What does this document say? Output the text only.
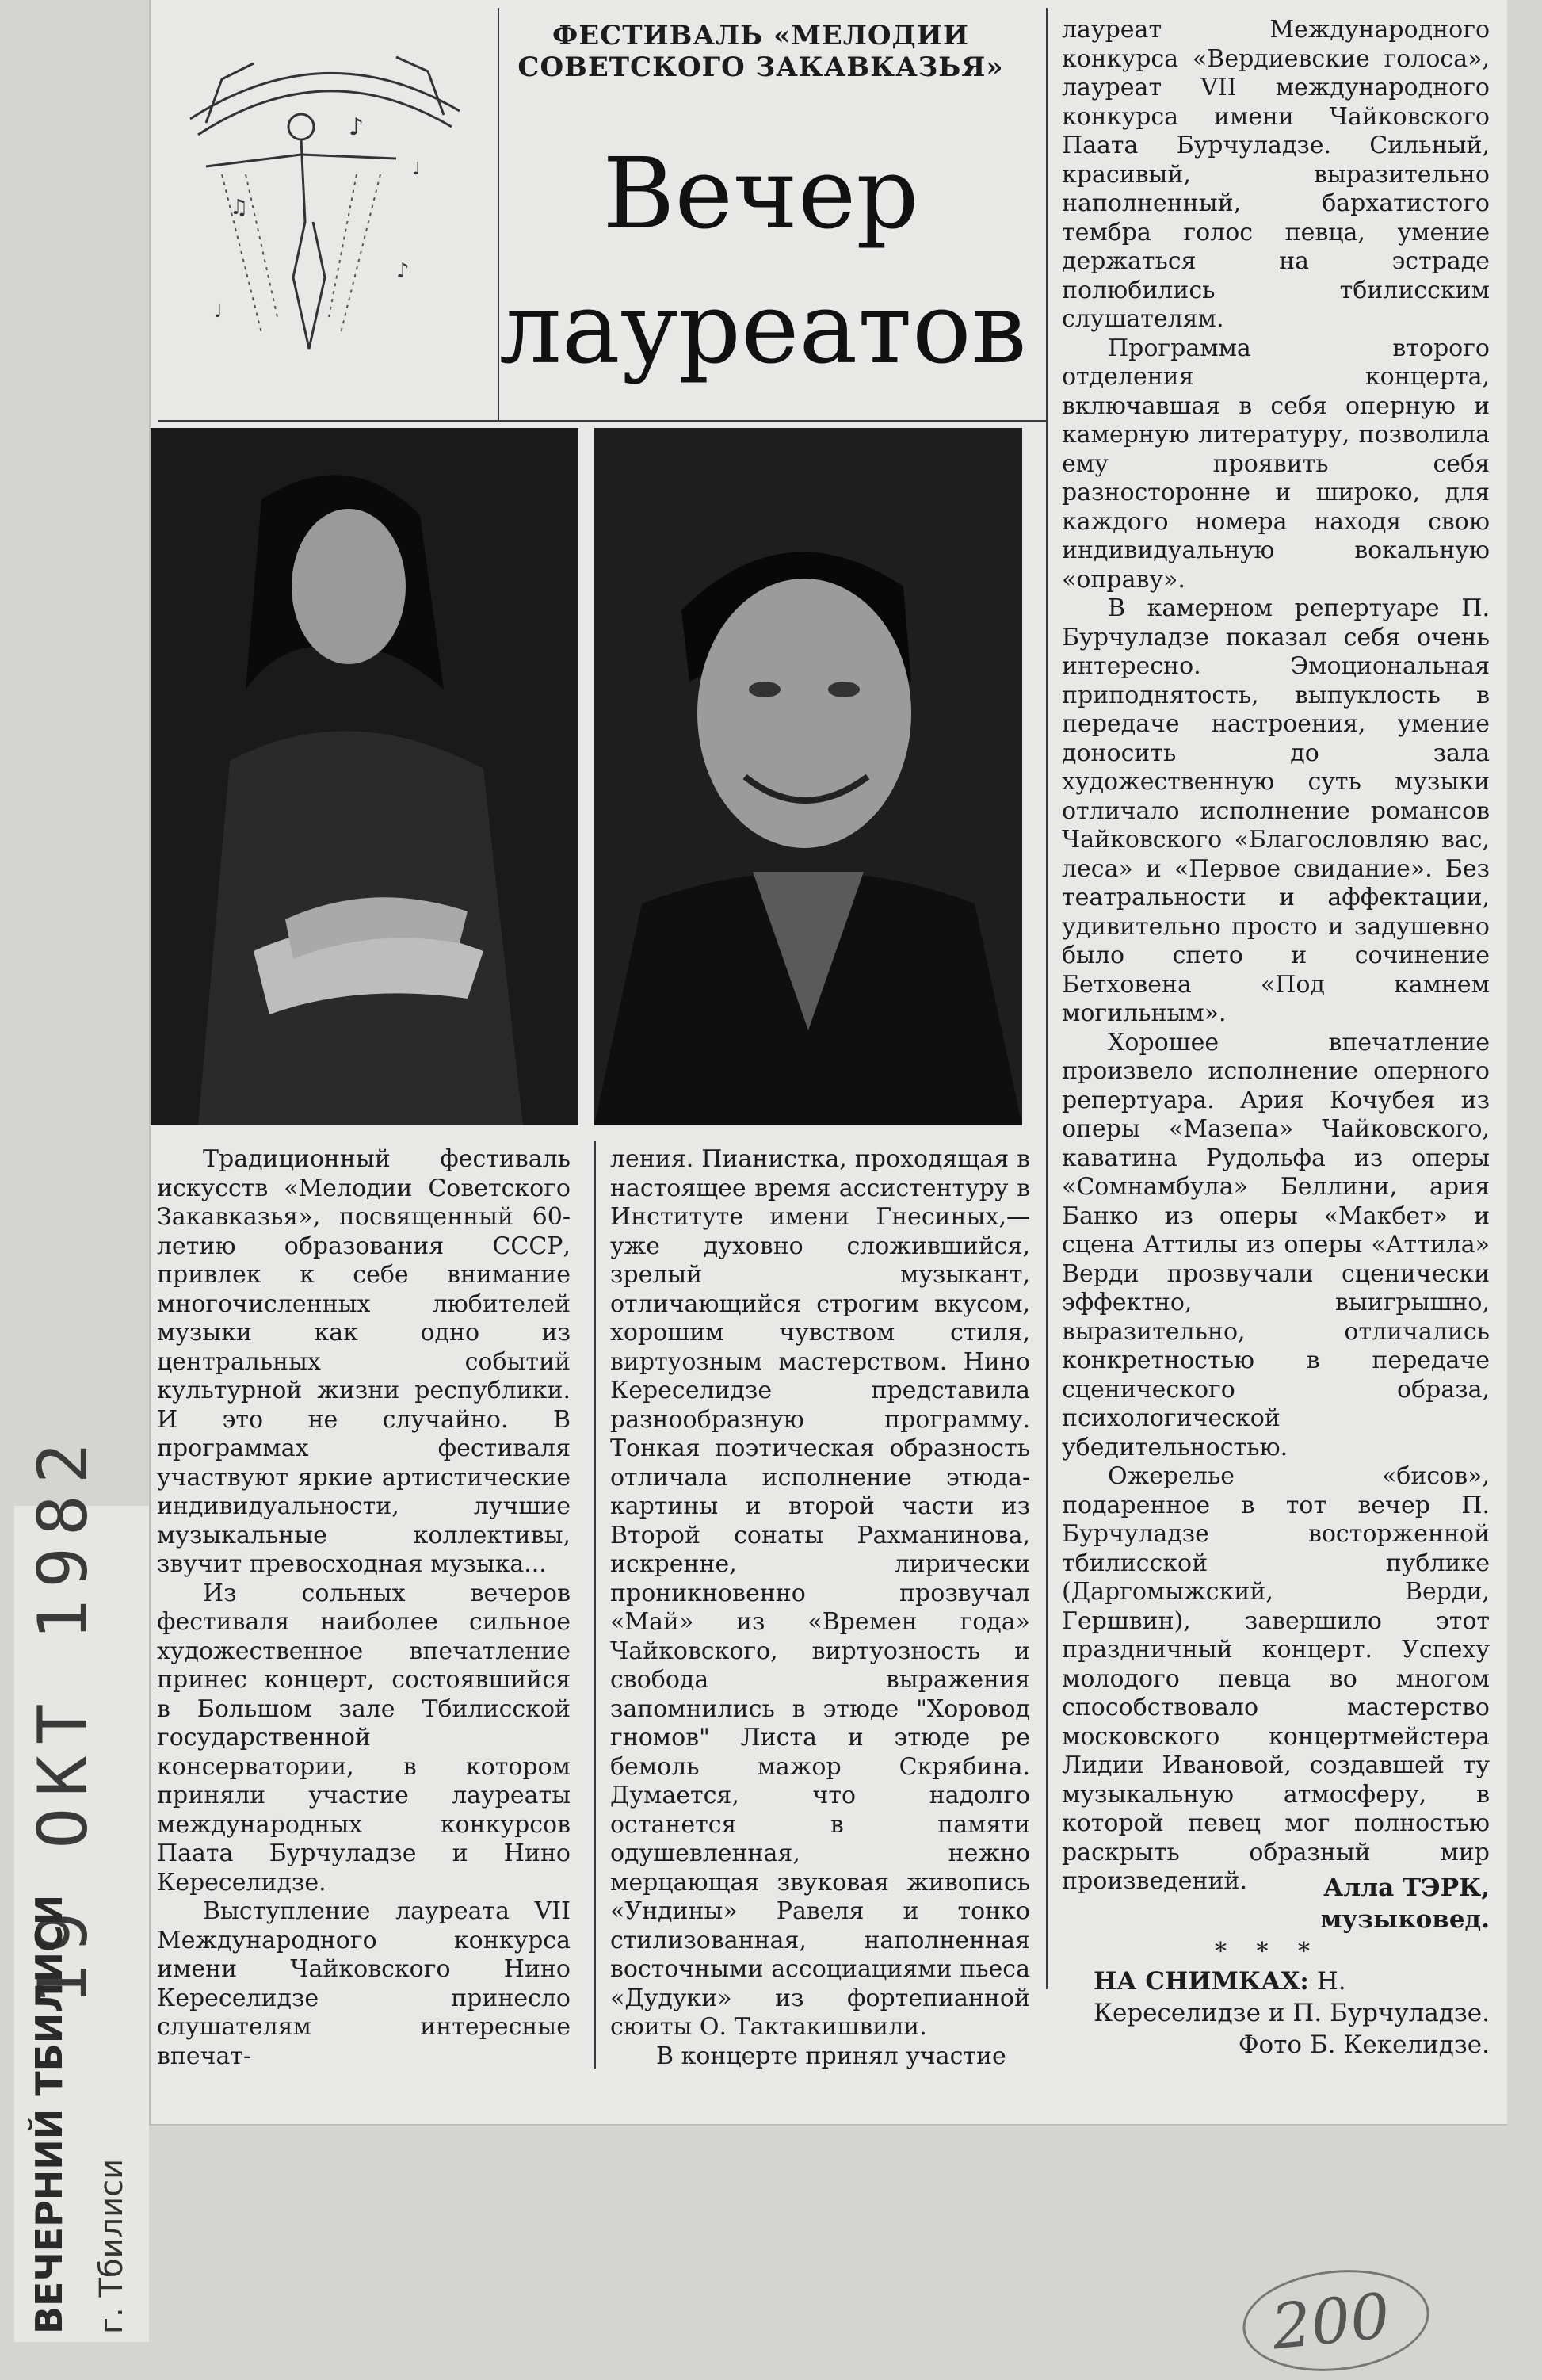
19 ОКТ 1982
ВЕЧЕРНИЙ ТБИЛИСИ г. Тбилиси
♪
♫
♪
♩
♩
ФЕСТИВАЛЬ «МЕЛОДИИ
СОВЕТСКОГО ЗАКАВКАЗЬЯ»
Вечер
лауреатов

Традиционный фестиваль искусств «Мелодии Советского Закавказья», посвященный 60-летию образования СССР, привлек к себе внимание многочисленных любителей музыки как одно из центральных событий культурной жизни республики. И это не случайно. В программах фестиваля участвуют яркие артистические индивидуальности, лучшие музыкальные коллективы, звучит превосходная музыка...

Из сольных вечеров фестиваля наиболее сильное художественное впечатление принес концерт, состоявшийся в Большом зале Тбилисской государственной консерватории, в котором приняли участие лауреаты международных конкурсов Паата Бурчуладзе и Нино Кереселидзе.

Выступление лауреата VII Международного конкурса имени Чайковского Нино Кереселидзе принесло слушателям интересные впечат-

ления. Пианистка, проходящая в настоящее время ассистентуру в Институте имени Гнесиных,—уже духовно сложившийся, зрелый музыкант, отличающийся строгим вкусом, хорошим чувством стиля, виртуозным мастерством. Нино Кереселидзе представила разнообразную программу. Тонкая поэтическая образность отличала исполнение этюда-картины и второй части из Второй сонаты Рахманинова, искренне, лирически проникновенно прозвучал «Май» из «Времен года» Чайковского, виртуозность и свобода выражения запомнились в этюде "Хоровод гномов" Листа и этюде ре бемоль мажор Скрябина. Думается, что надолго останется в памяти одушевленная, нежно мерцающая звуковая живопись «Ундины» Равеля и тонко стилизованная, наполненная восточными ассоциациями пьеса «Дудуки» из фортепианной сюиты О. Тактакишвили.

В концерте принял участие

лауреат Международного конкурса «Вердиевские голоса», лауреат VII международного конкурса имени Чайковского Паата Бурчуладзе. Сильный, красивый, выразительно наполненный, бархатистого тембра голос певца, умение держаться на эстраде полюбились тбилисским слушателям.

Программа второго отделения концерта, включавшая в себя оперную и камерную литературу, позволила ему проявить себя разносторонне и широко, для каждого номера находя свою индивидуальную вокальную «оправу».

В камерном репертуаре П. Бурчуладзе показал себя очень интересно. Эмоциональная приподнятость, выпуклость в передаче настроения, умение доносить до зала художественную суть музыки отличало исполнение романсов Чайковского «Благословляю вас, леса» и «Первое свидание». Без театральности и аффектации, удивительно просто и задушевно было спето и сочинение Бетховена «Под камнем могильным».

Хорошее впечатление произвело исполнение оперного репертуара. Ария Кочубея из оперы «Мазепа» Чайковского, каватина Рудольфа из оперы «Сомнамбула» Беллини, ария Банко из оперы «Макбет» и сцена Аттилы из оперы «Аттила» Верди прозвучали сценически эффектно, выигрышно, выразительно, отличались конкретностью в передаче сценического образа, психологической убедительностью.

Ожерелье «бисов», подаренное в тот вечер П. Бурчуладзе восторженной тбилисской публике (Даргомыжский, Верди, Гершвин), завершило этот праздничный концерт. Успеху молодого певца во многом способствовало мастерство московского концертмейстера Лидии Ивановой, создавшей ту музыкальную атмосферу, в которой певец мог полностью раскрыть образный мир произведений.	Алла ТЭРК,
музыковед.
* * *
НА СНИМКАХ: Н. Кереселидзе и П. Бурчуладзе.
Фото Б. Кекелидзе.
200
